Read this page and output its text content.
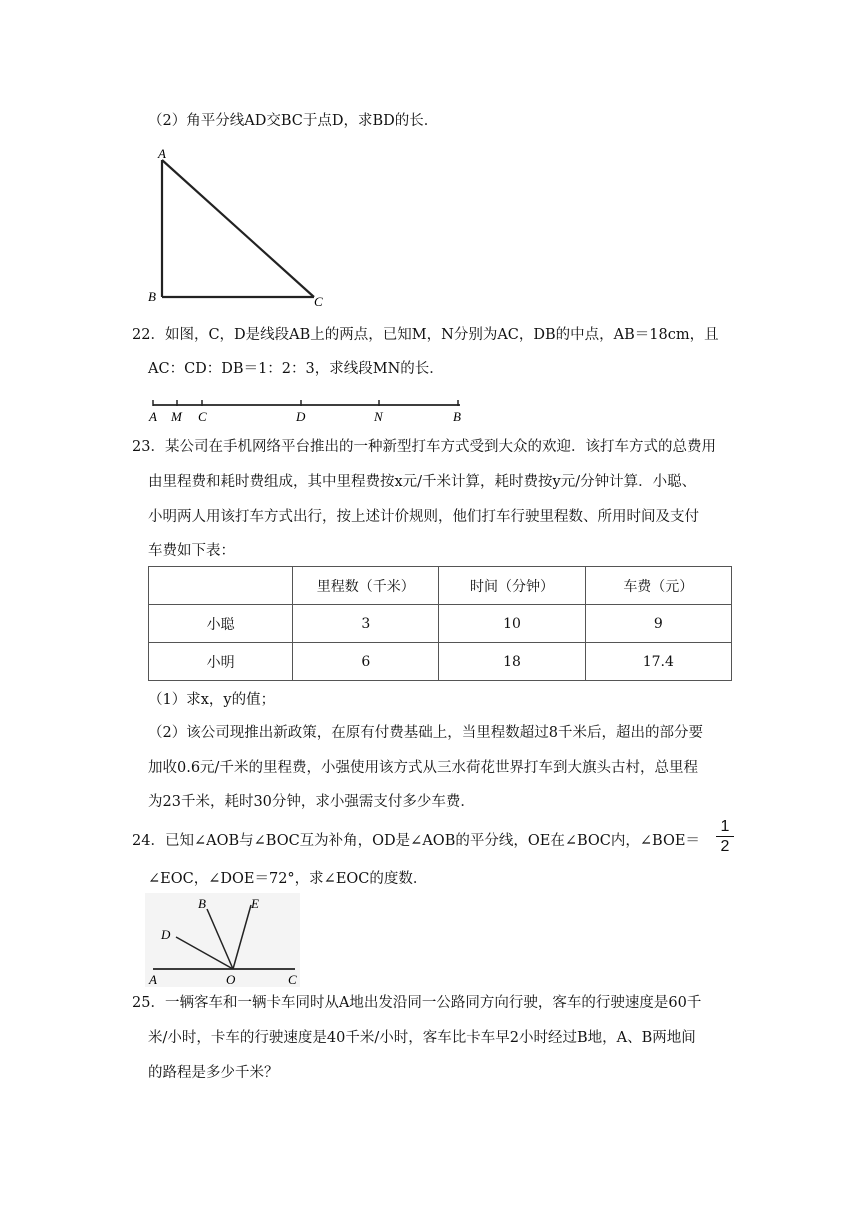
（2）角平分线AD交BC于点D，求BD的长．
A
B	C
22．如图，C，D是线段AB上的两点，已知M，N分别为AC，DB的中点，AB＝18cm，且
AC：CD：DB＝1：2：3，求线段MN的长．
A M C	D	N	B
23．某公司在手机网络平台推出的一种新型打车方式受到大众的欢迎．该打车方式的总费用
由里程费和耗时费组成，其中里程费按x元/千米计算，耗时费按y元/分钟计算．小聪、
小明两人用该打车方式出行，按上述计价规则，他们打车行驶里程数、所用时间及支付
车费如下表：
	里程数（千米）	时间（分钟）	车费（元）
小聪	3	10	9
小明	6	18	17.4
（1）求x，y的值；
（2）该公司现推出新政策，在原有付费基础上，当里程数超过8千米后，超出的部分要
加收0.6元/千米的里程费，小强使用该方式从三水荷花世界打车到大旗头古村，总里程
为23千米，耗时30分钟，求小强需支付多少车费．
24．已知∠AOB与∠BOC互为补角，OD是∠AOB的平分线，OE在∠BOC内，∠BOE＝
1
2
∠EOC，∠DOE＝72°，求∠EOC的度数．
B	E
D
A	O	C
25．一辆客车和一辆卡车同时从A地出发沿同一公路同方向行驶，客车的行驶速度是60千
米/小时，卡车的行驶速度是40千米/小时，客车比卡车早2小时经过B地，A、B两地间
的路程是多少千米？
